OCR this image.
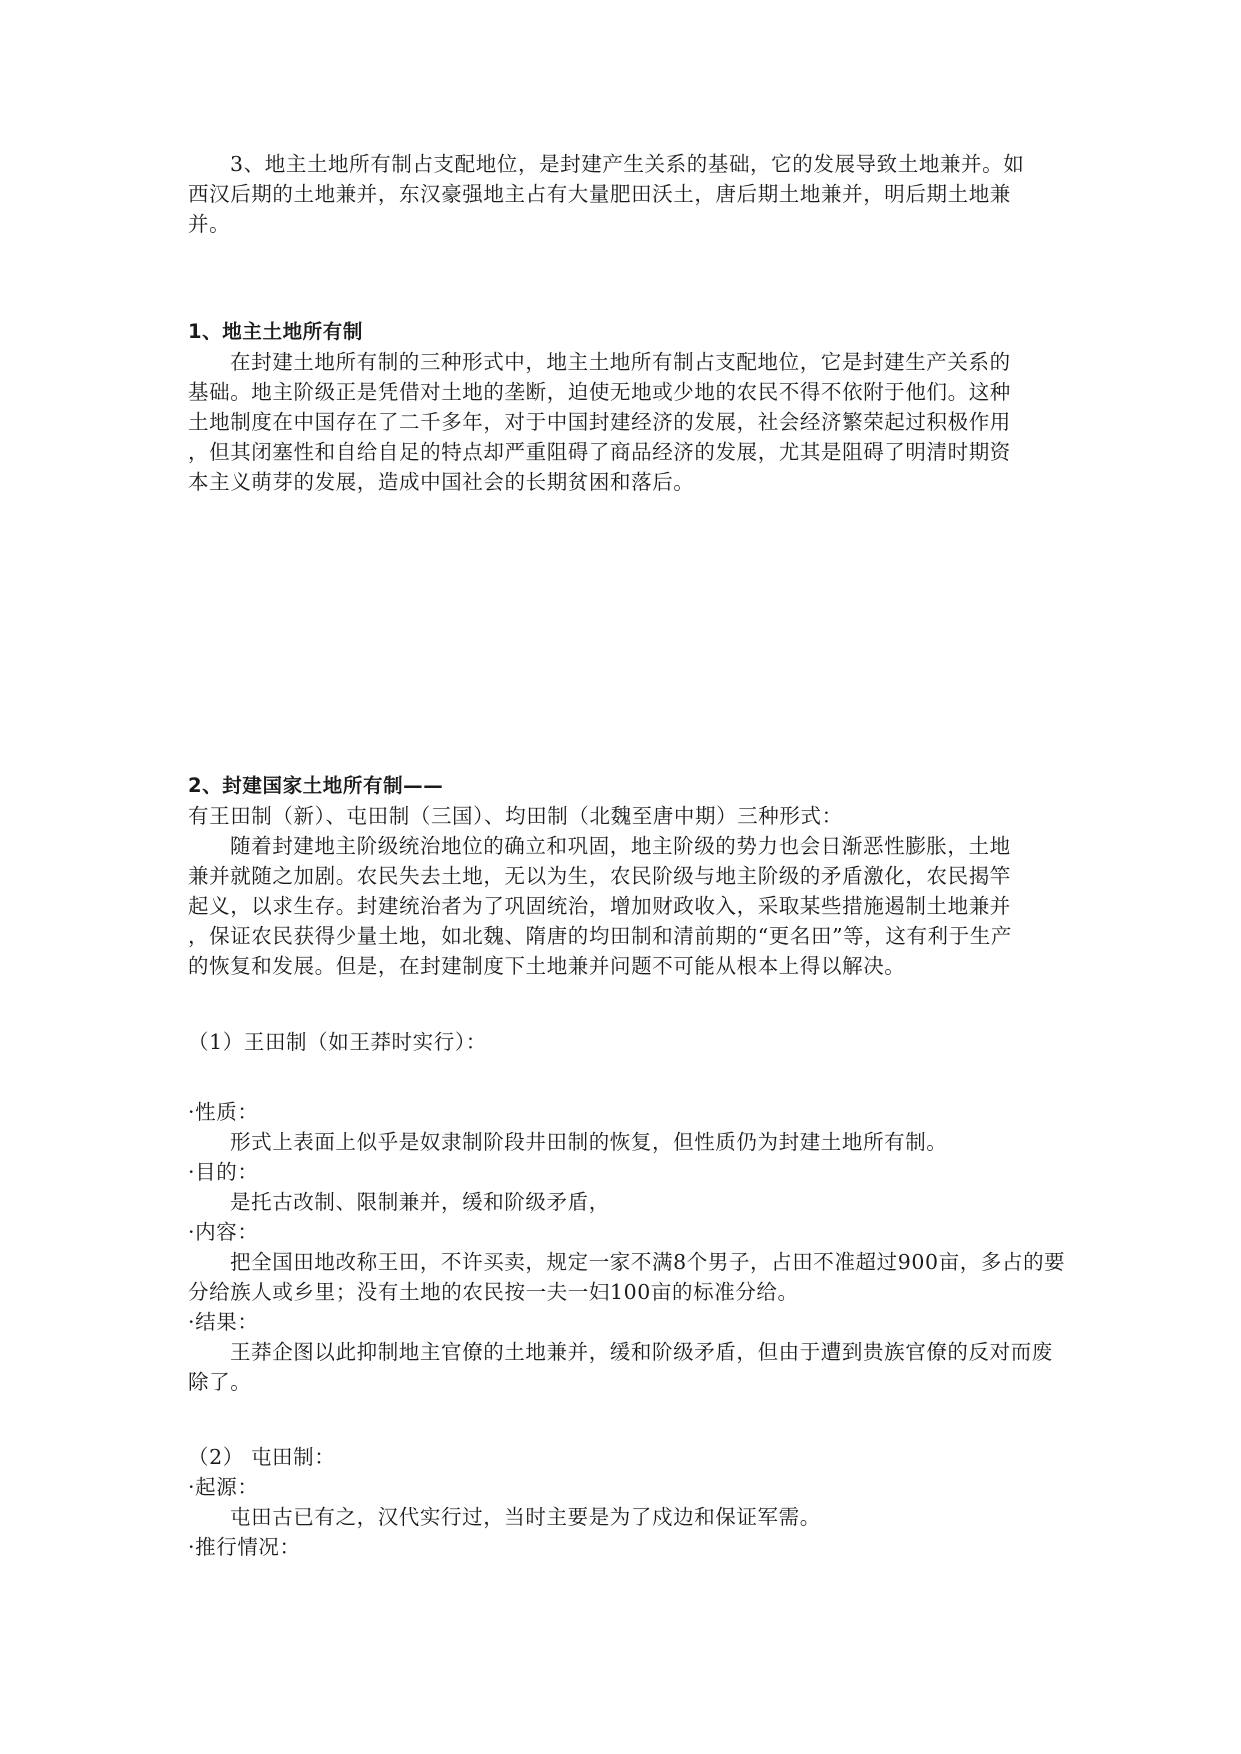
3、地主土地所有制占支配地位，是封建产生关系的基础，它的发展导致土地兼并。如
西汉后期的土地兼并，东汉豪强地主占有大量肥田沃土，唐后期土地兼并，明后期土地兼
并。
1、地主土地所有制
在封建土地所有制的三种形式中，地主土地所有制占支配地位，它是封建生产关系的
基础。地主阶级正是凭借对土地的垄断，迫使无地或少地的农民不得不依附于他们。这种
土地制度在中国存在了二千多年，对于中国封建经济的发展，社会经济繁荣起过积极作用
，但其闭塞性和自给自足的特点却严重阻碍了商品经济的发展，尤其是阻碍了明清时期资
本主义萌芽的发展，造成中国社会的长期贫困和落后。
2、封建国家土地所有制——
有王田制（新）、屯田制（三国）、均田制（北魏至唐中期）三种形式：
随着封建地主阶级统治地位的确立和巩固，地主阶级的势力也会日渐恶性膨胀，土地
兼并就随之加剧。农民失去土地，无以为生，农民阶级与地主阶级的矛盾激化，农民揭竿
起义，以求生存。封建统治者为了巩固统治，增加财政收入，采取某些措施遏制土地兼并
，保证农民获得少量土地，如北魏、隋唐的均田制和清前期的“更名田”等，这有利于生产
的恢复和发展。但是，在封建制度下土地兼并问题不可能从根本上得以解决。
（1）王田制（如王莽时实行）：
·性质：
形式上表面上似乎是奴隶制阶段井田制的恢复，但性质仍为封建土地所有制。
·目的：
是托古改制、限制兼并，缓和阶级矛盾，
·内容：
把全国田地改称王田，不许买卖，规定一家不满8个男子，占田不准超过900亩，多占的要
分给族人或乡里；没有土地的农民按一夫一妇100亩的标准分给。
·结果：
王莽企图以此抑制地主官僚的土地兼并，缓和阶级矛盾，但由于遭到贵族官僚的反对而废
除了。
（2） 屯田制：
·起源：
屯田古已有之，汉代实行过，当时主要是为了戍边和保证军需。
·推行情况：
